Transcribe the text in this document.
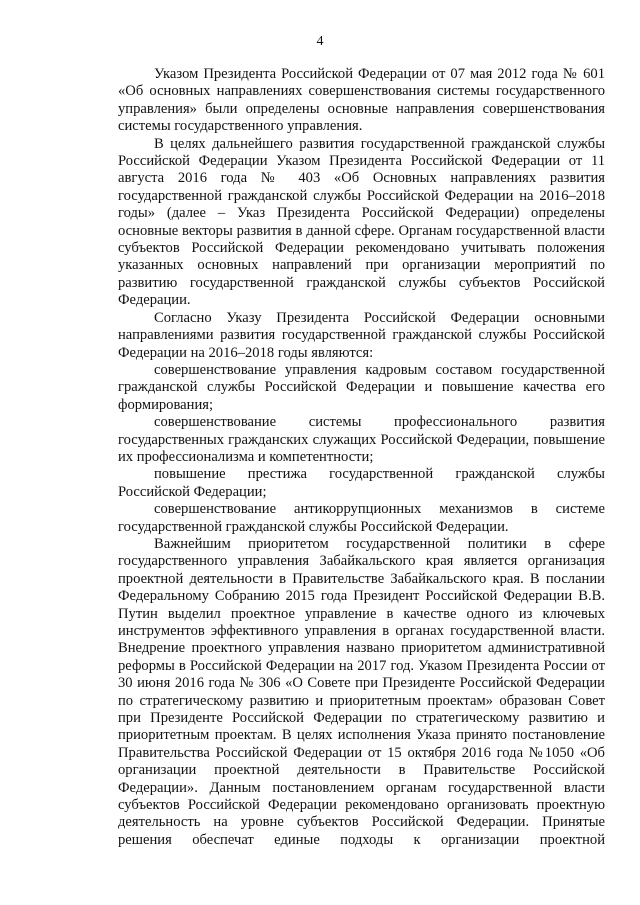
4

Указом Президента Российской Федерации от 07 мая 2012 года № 601 «Об основных направлениях совершенствования системы государственного управления» были определены основные направления совершенствования системы государственного управления.

В целях дальнейшего развития государственной гражданской службы Российской Федерации Указом Президента Российской Федерации от 11 августа 2016 года № 403 «Об Основных направлениях развития государственной гражданской службы Российской Федерации на 2016–2018 годы» (далее – Указ Президента Российской Федерации) определены основные векторы развития в данной сфере. Органам государственной власти субъектов Российской Федерации рекомендовано учитывать положения указанных основных направлений при организации мероприятий по развитию государственной гражданской службы субъектов Российской Федерации.

Согласно Указу Президента Российской Федерации основными направлениями развития государственной гражданской службы Российской Федерации на 2016–2018 годы являются:

совершенствование управления кадровым составом государственной гражданской службы Российской Федерации и повышение качества его формирования;

совершенствование системы профессионального развития государственных гражданских служащих Российской Федерации, повышение их профессионализма и компетентности;

повышение престижа государственной гражданской службы Российской Федерации;

совершенствование антикоррупционных механизмов в системе государственной гражданской службы Российской Федерации.

Важнейшим приоритетом государственной политики в сфере государственного управления Забайкальского края является организация проектной деятельности в Правительстве Забайкальского края. В послании Федеральному Собранию 2015 года Президент Российской Федерации В.В. Путин выделил проектное управление в качестве одного из ключевых инструментов эффективного управления в органах государственной власти. Внедрение проектного управления названо приоритетом административной реформы в Российской Федерации на 2017 год. Указом Президента России от 30 июня 2016 года № 306 «О Совете при Президенте Российской Федерации по стратегическому развитию и приоритетным проектам» образован Совет при Президенте Российской Федерации по стратегическому развитию и приоритетным проектам. В целях исполнения Указа принято постановление Правительства Российской Федерации от 15 октября 2016 года №1050 «Об организации проектной деятельности в Правительстве Российской Федерации». Данным постановлением органам государственной власти субъектов Российской Федерации рекомендовано организовать проектную деятельность на уровне субъектов Российской Федерации. Принятые решения обеспечат единые подходы к организации проектной
